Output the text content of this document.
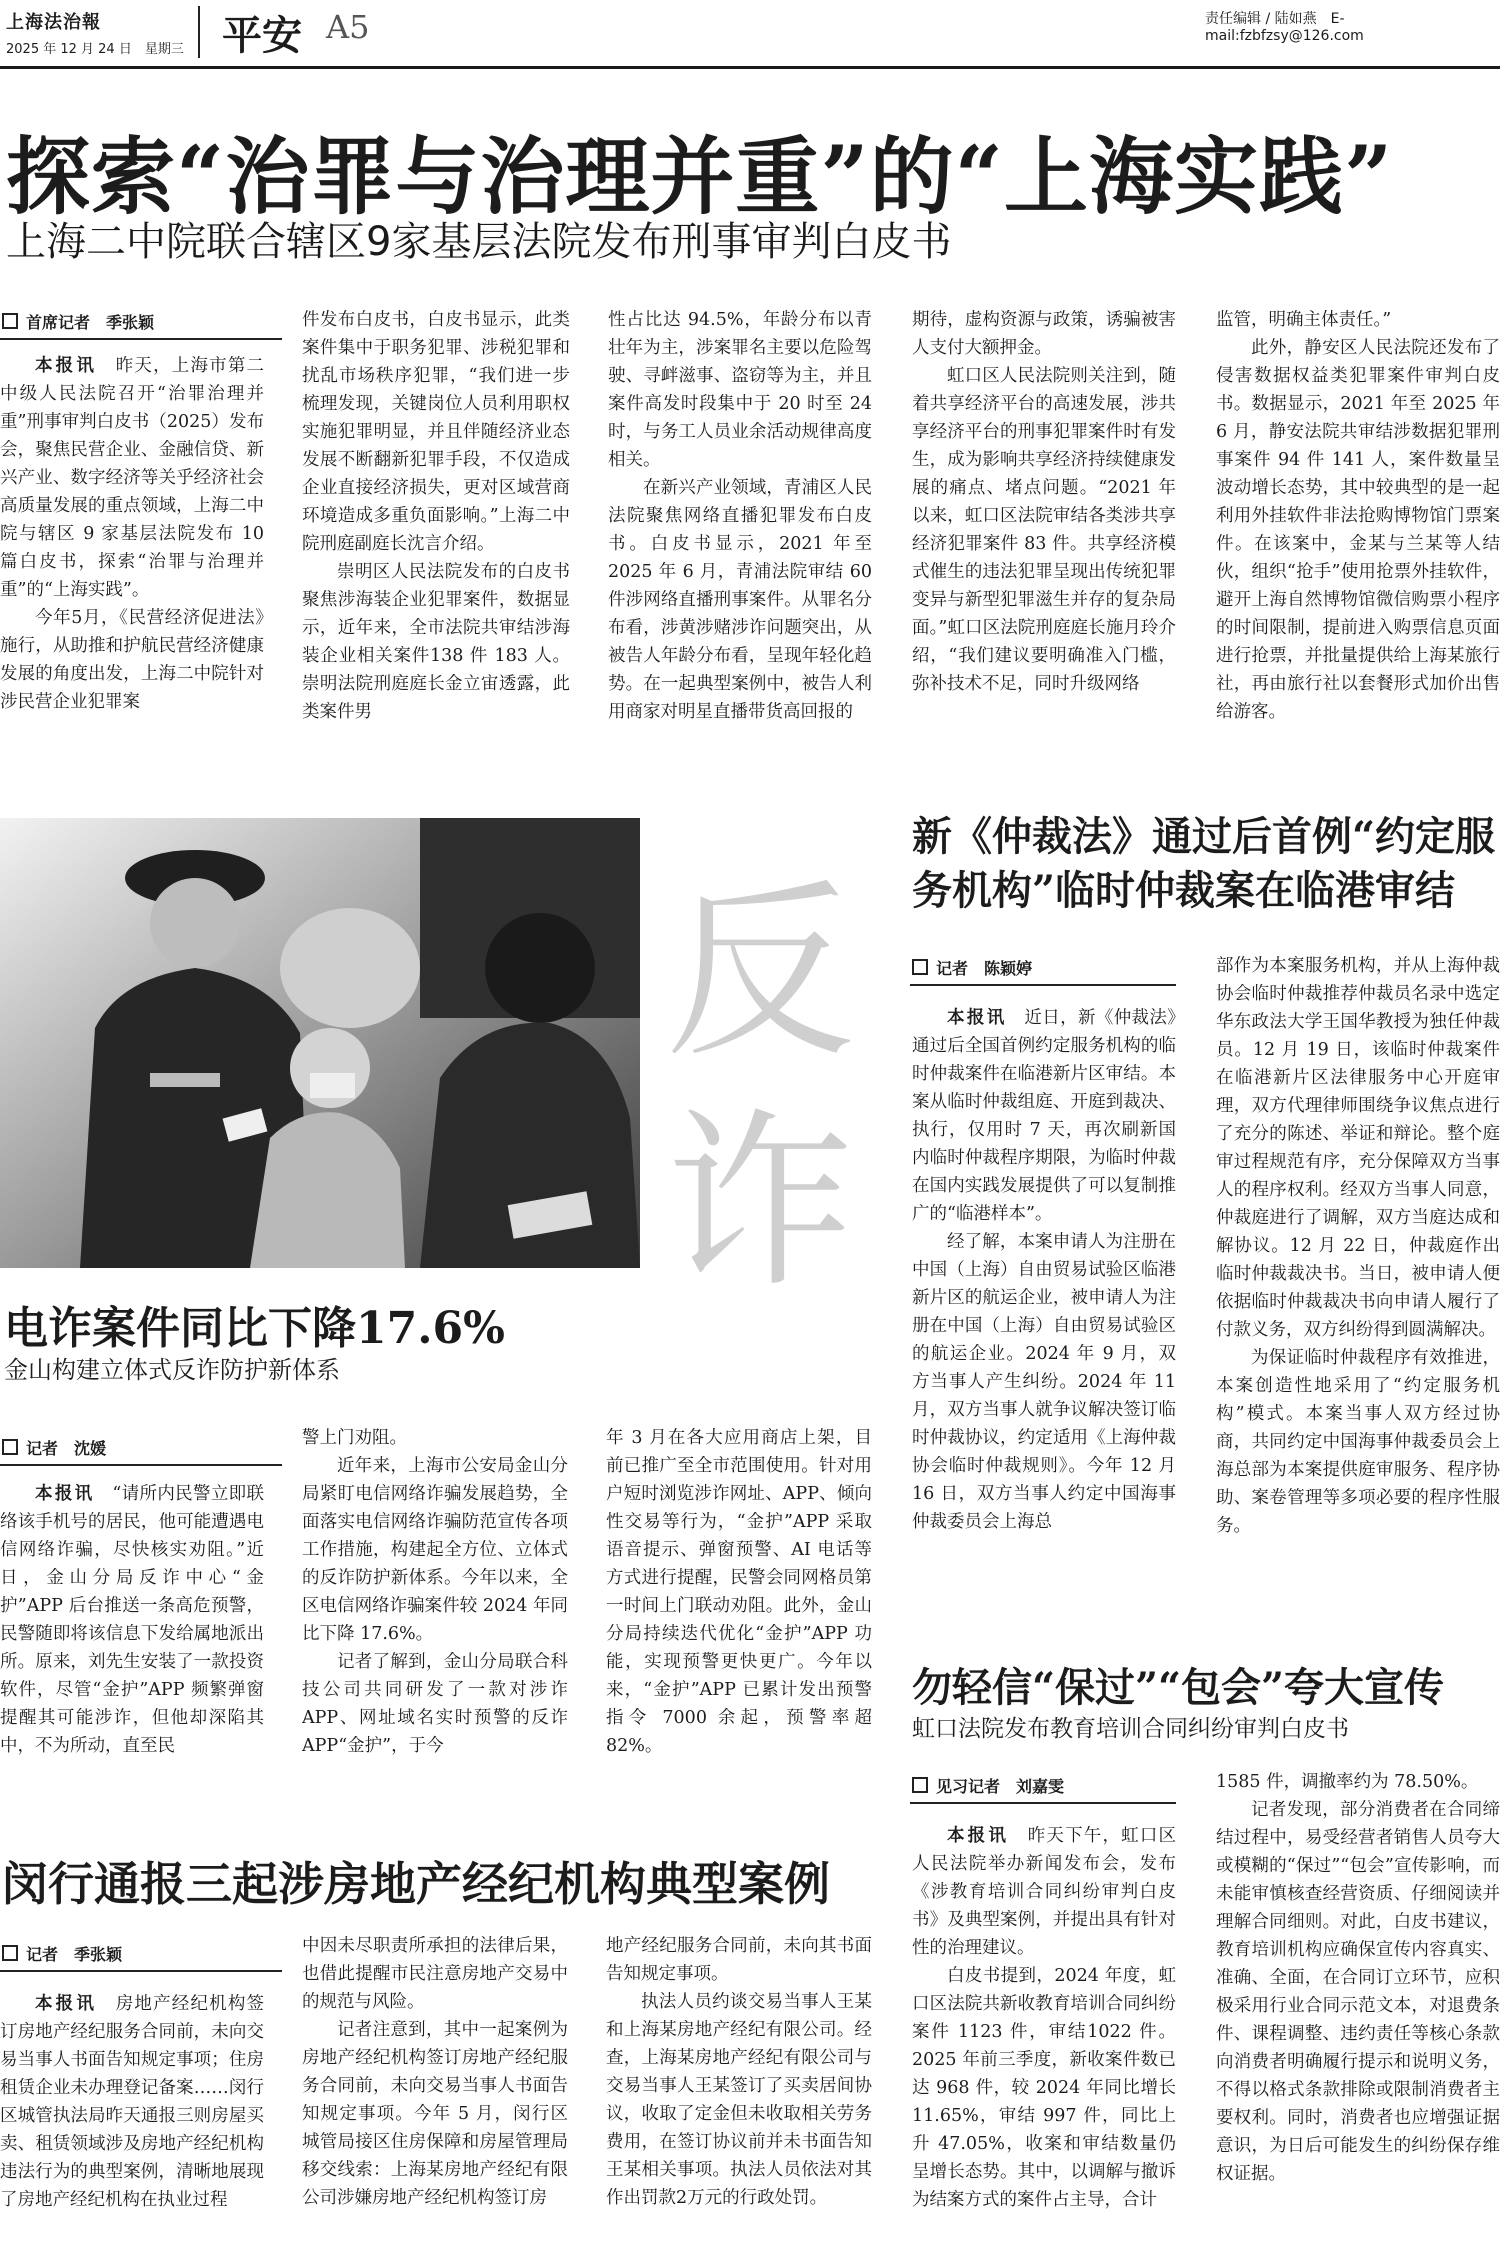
上海法治報
2025 年 12 月 24 日　星期三 平安 A5	责任编辑 / 陆如燕　E-mail:fzbfzsy@126.com
探索“治罪与治理并重”的“上海实践”
上海二中院联合辖区9家基层法院发布刑事审判白皮书
首席记者　季张颖

本报讯　 昨天，上海市第二中级人民法院召开“治罪治理并重”刑事审判白皮书（2025）发布会，聚焦民营企业、金融信贷、新兴产业、数字经济等关乎经济社会高质量发展的重点领域，上海二中院与辖区 9 家基层法院发布 10 篇白皮书，探索“治罪与治理并重”的“上海实践”。

今年5月，《民营经济促进法》施行，从助推和护航民营经济健康发展的角度出发，上海二中院针对涉民营企业犯罪案

件发布白皮书，白皮书显示，此类案件集中于职务犯罪、涉税犯罪和扰乱市场秩序犯罪，“我们进一步梳理发现，关键岗位人员利用职权实施犯罪明显，并且伴随经济业态发展不断翻新犯罪手段，不仅造成企业直接经济损失，更对区域营商环境造成多重负面影响。”上海二中院刑庭副庭长沈言介绍。

崇明区人民法院发布的白皮书聚焦涉海装企业犯罪案件，数据显示，近年来，全市法院共审结涉海装企业相关案件138 件 183 人。崇明法院刑庭庭长金立宙透露，此类案件男

性占比达 94.5%，年龄分布以青壮年为主，涉案罪名主要以危险驾驶、寻衅滋事、盗窃等为主，并且案件高发时段集中于 20 时至 24 时，与务工人员业余活动规律高度相关。

在新兴产业领域，青浦区人民法院聚焦网络直播犯罪发布白皮书。白皮书显示，2021 年至 2025 年 6 月，青浦法院审结 60 件涉网络直播刑事案件。从罪名分布看，涉黄涉赌涉诈问题突出，从被告人年龄分布看，呈现年轻化趋势。在一起典型案例中，被告人利用商家对明星直播带货高回报的

期待，虚构资源与政策，诱骗被害人支付大额押金。

虹口区人民法院则关注到，随着共享经济平台的高速发展，涉共享经济平台的刑事犯罪案件时有发生，成为影响共享经济持续健康发展的痛点、堵点问题。“2021 年以来，虹口区法院审结各类涉共享经济犯罪案件 83 件。共享经济模式催生的违法犯罪呈现出传统犯罪变异与新型犯罪滋生并存的复杂局面。”虹口区法院刑庭庭长施月玲介绍，“我们建议要明确准入门槛，弥补技术不足，同时升级网络

监管，明确主体责任。”

此外，静安区人民法院还发布了侵害数据权益类犯罪案件审判白皮书。数据显示，2021 年至 2025 年 6 月，静安法院共审结涉数据犯罪刑事案件 94 件 141 人，案件数量呈波动增长态势，其中较典型的是一起利用外挂软件非法抢购博物馆门票案件。在该案中，金某与兰某等人结伙，组织“抢手”使用抢票外挂软件，避开上海自然博物馆微信购票小程序的时间限制，提前进入购票信息页面进行抢票，并批量提供给上海某旅行社，再由旅行社以套餐形式加价出售给游客。

反
诈
电诈案件同比下降17.6%
金山构建立体式反诈防护新体系
记者　沈媛

本报讯　 “请所内民警立即联络该手机号的居民，他可能遭遇电信网络诈骗，尽快核实劝阻。”近日，金山分局反诈中心“金护”APP 后台推送一条高危预警，民警随即将该信息下发给属地派出所。原来，刘先生安装了一款投资软件，尽管“金护”APP 频繁弹窗提醒其可能涉诈，但他却深陷其中，不为所动，直至民

警上门劝阻。

近年来，上海市公安局金山分局紧盯电信网络诈骗发展趋势，全面落实电信网络诈骗防范宣传各项工作措施，构建起全方位、立体式的反诈防护新体系。今年以来，全区电信网络诈骗案件较 2024 年同比下降 17.6%。

记者了解到，金山分局联合科技公司共同研发了一款对涉诈 APP、网址域名实时预警的反诈 APP“金护”，于今

年 3 月在各大应用商店上架，目前已推广至全市范围使用。针对用户短时浏览涉诈网址、APP、倾向性交易等行为，“金护”APP 采取语音提示、弹窗预警、AI 电话等方式进行提醒，民警会同网格员第一时间上门联动劝阻。此外，金山分局持续迭代优化“金护”APP 功能，实现预警更快更广。今年以来，“金护”APP 已累计发出预警指令 7000 余起，预警率超 82%。

新《仲裁法》通过后首例“约定服
务机构”临时仲裁案在临港审结
记者　陈颖婷

本报讯　 近日，新《仲裁法》通过后全国首例约定服务机构的临时仲裁案件在临港新片区审结。本案从临时仲裁组庭、开庭到裁决、执行，仅用时 7 天，再次刷新国内临时仲裁程序期限，为临时仲裁在国内实践发展提供了可以复制推广的“临港样本”。

经了解，本案申请人为注册在中国（上海）自由贸易试验区临港新片区的航运企业，被申请人为注册在中国（上海）自由贸易试验区的航运企业。2024 年 9 月，双方当事人产生纠纷。2024 年 11 月，双方当事人就争议解决签订临时仲裁协议，约定适用《上海仲裁协会临时仲裁规则》。今年 12 月 16 日，双方当事人约定中国海事仲裁委员会上海总

部作为本案服务机构，并从上海仲裁协会临时仲裁推荐仲裁员名录中选定华东政法大学王国华教授为独任仲裁员。12 月 19 日，该临时仲裁案件在临港新片区法律服务中心开庭审理，双方代理律师围绕争议焦点进行了充分的陈述、举证和辩论。整个庭审过程规范有序，充分保障双方当事人的程序权利。经双方当事人同意，仲裁庭进行了调解，双方当庭达成和解协议。12 月 22 日，仲裁庭作出临时仲裁裁决书。当日，被申请人便依据临时仲裁裁决书向申请人履行了付款义务，双方纠纷得到圆满解决。

为保证临时仲裁程序有效推进，本案创造性地采用了“约定服务机构”模式。本案当事人双方经过协商，共同约定中国海事仲裁委员会上海总部为本案提供庭审服务、程序协助、案卷管理等多项必要的程序性服务。

闵行通报三起涉房地产经纪机构典型案例
记者　季张颖

本报讯　 房地产经纪机构签订房地产经纪服务合同前，未向交易当事人书面告知规定事项；住房租赁企业未办理登记备案……闵行区城管执法局昨天通报三则房屋买卖、租赁领域涉及房地产经纪机构违法行为的典型案例，清晰地展现了房地产经纪机构在执业过程

中因未尽职责所承担的法律后果，也借此提醒市民注意房地产交易中的规范与风险。

记者注意到，其中一起案例为房地产经纪机构签订房地产经纪服务合同前，未向交易当事人书面告知规定事项。今年 5 月，闵行区城管局接区住房保障和房屋管理局移交线索：上海某房地产经纪有限公司涉嫌房地产经纪机构签订房

地产经纪服务合同前，未向其书面告知规定事项。

执法人员约谈交易当事人王某和上海某房地产经纪有限公司。经查，上海某房地产经纪有限公司与交易当事人王某签订了买卖居间协议，收取了定金但未收取相关劳务费用，在签订协议前并未书面告知王某相关事项。执法人员依法对其作出罚款2万元的行政处罚。

勿轻信“保过”“包会”夸大宣传
虹口法院发布教育培训合同纠纷审判白皮书
见习记者　刘嘉雯

本报讯　 昨天下午，虹口区人民法院举办新闻发布会，发布《涉教育培训合同纠纷审判白皮书》及典型案例，并提出具有针对性的治理建议。

白皮书提到，2024 年度，虹口区法院共新收教育培训合同纠纷案件 1123 件，审结1022 件。2025 年前三季度，新收案件数已达 968 件，较 2024 年同比增长 11.65%，审结 997 件，同比上升 47.05%，收案和审结数量仍呈增长态势。其中，以调解与撤诉为结案方式的案件占主导，合计

1585 件，调撤率约为 78.50%。

记者发现，部分消费者在合同缔结过程中，易受经营者销售人员夸大或模糊的“保过”“包会”宣传影响，而未能审慎核查经营资质、仔细阅读并理解合同细则。对此，白皮书建议，教育培训机构应确保宣传内容真实、准确、全面，在合同订立环节，应积极采用行业合同示范文本，对退费条件、课程调整、违约责任等核心条款向消费者明确履行提示和说明义务，不得以格式条款排除或限制消费者主要权利。同时，消费者也应增强证据意识，为日后可能发生的纠纷保存维权证据。
